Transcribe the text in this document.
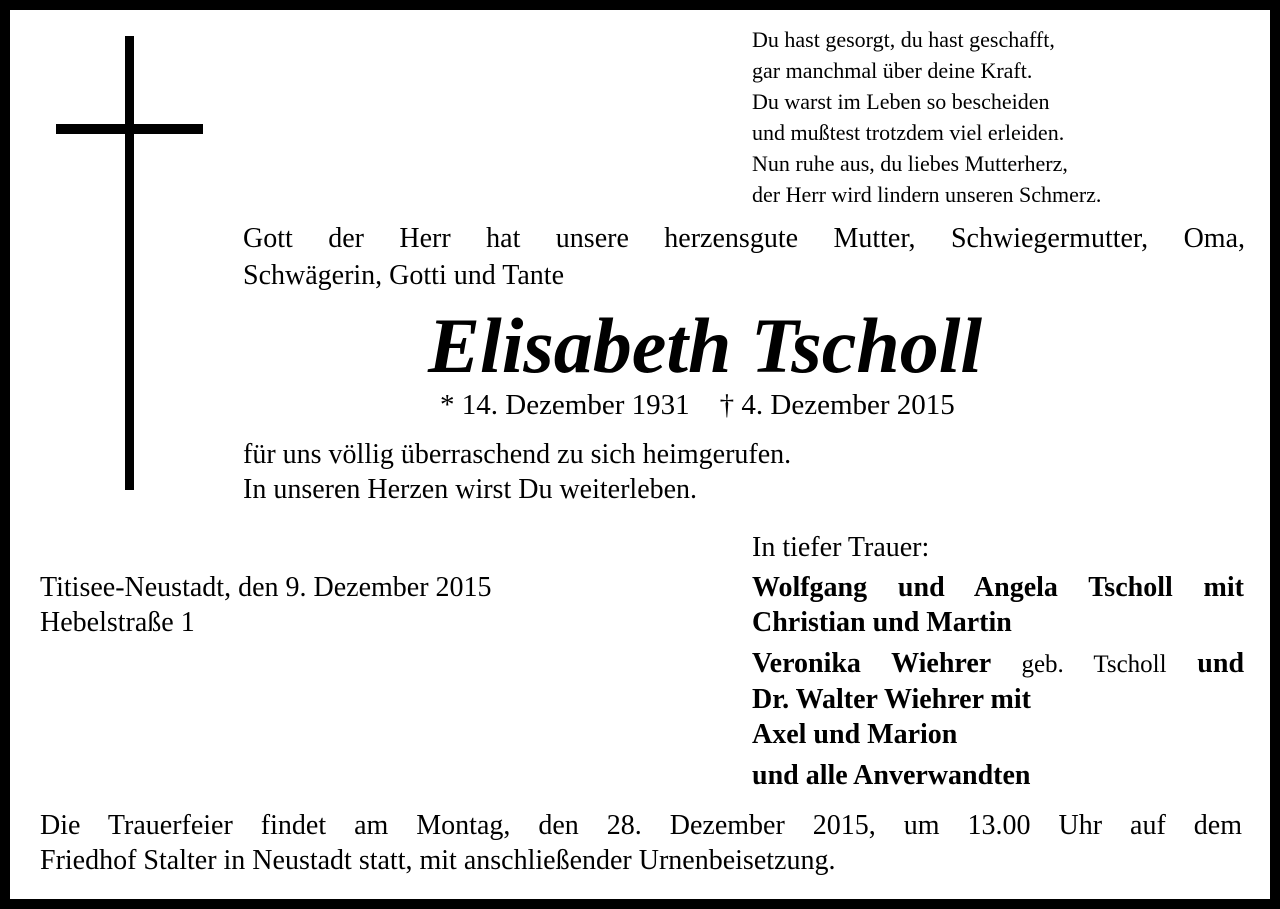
Du hast gesorgt, du hast geschafft,
gar manchmal über deine Kraft.
Du warst im Leben so bescheiden
und mußtest trotzdem viel erleiden.
Nun ruhe aus, du liebes Mutterherz,
der Herr wird lindern unseren Schmerz.
Gott der Herr hat unsere herzensgute Mutter, Schwiegermutter, Oma,
Schwägerin, Gotti und Tante
Elisabeth Tscholl
* 14. Dezember 1931 † 4. Dezember 2015
für uns völlig überraschend zu sich heimgerufen.
In unseren Herzen wirst Du weiterleben.
Titisee-Neustadt, den 9. Dezember 2015
Hebelstraße 1
In tiefer Trauer:
Wolfgang und Angela Tscholl mit
Christian und Martin
Veronika Wiehrer geb. Tscholl und
Dr. Walter Wiehrer mit
Axel und Marion
und alle Anverwandten
Die Trauerfeier findet am Montag, den 28. Dezember 2015, um 13.00 Uhr auf dem
Friedhof Stalter in Neustadt statt, mit anschließender Urnenbeisetzung.
